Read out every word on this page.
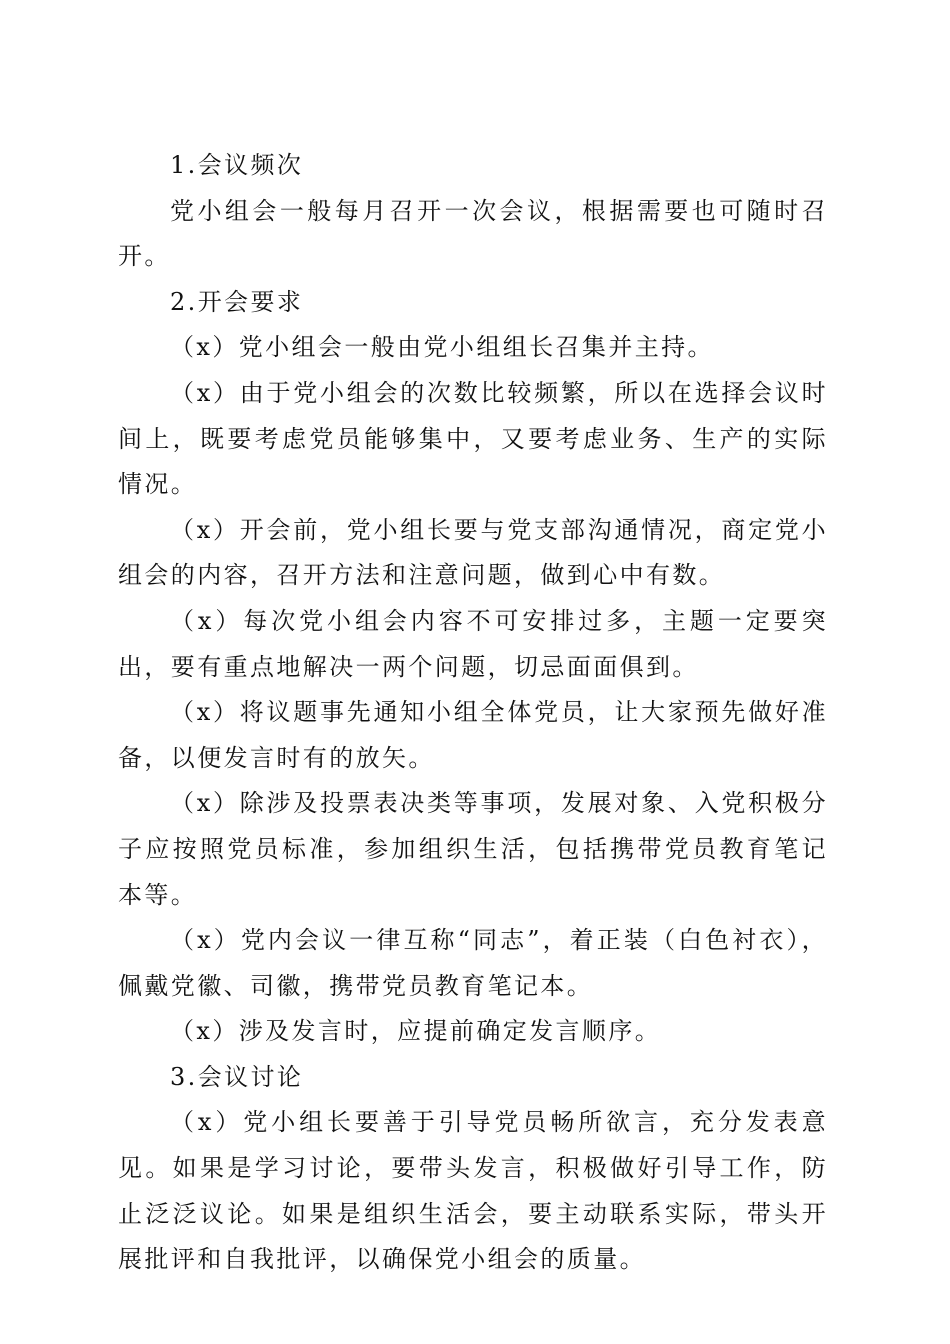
1.会议频次

党小组会一般每月召开一次会议，根据需要也可随时召开。

2.开会要求

（x）党小组会一般由党小组组长召集并主持。

（x）由于党小组会的次数比较频繁，所以在选择会议时间上，既要考虑党员能够集中，又要考虑业务、生产的实际情况。

（x）开会前，党小组长要与党支部沟通情况，商定党小组会的内容，召开方法和注意问题，做到心中有数。

（x）每次党小组会内容不可安排过多，主题一定要突出，要有重点地解决一两个问题，切忌面面俱到。

（x）将议题事先通知小组全体党员，让大家预先做好准备，以便发言时有的放矢。

（x）除涉及投票表决类等事项，发展对象、入党积极分子应按照党员标准，参加组织生活，包括携带党员教育笔记本等。

（x）党内会议一律互称“同志”，着正装（白色衬衣），佩戴党徽、司徽，携带党员教育笔记本。

（x）涉及发言时，应提前确定发言顺序。

3.会议讨论

（x）党小组长要善于引导党员畅所欲言，充分发表意见。如果是学习讨论，要带头发言，积极做好引导工作，防止泛泛议论。如果是组织生活会，要主动联系实际，带头开展批评和自我批评，以确保党小组会的质量。
